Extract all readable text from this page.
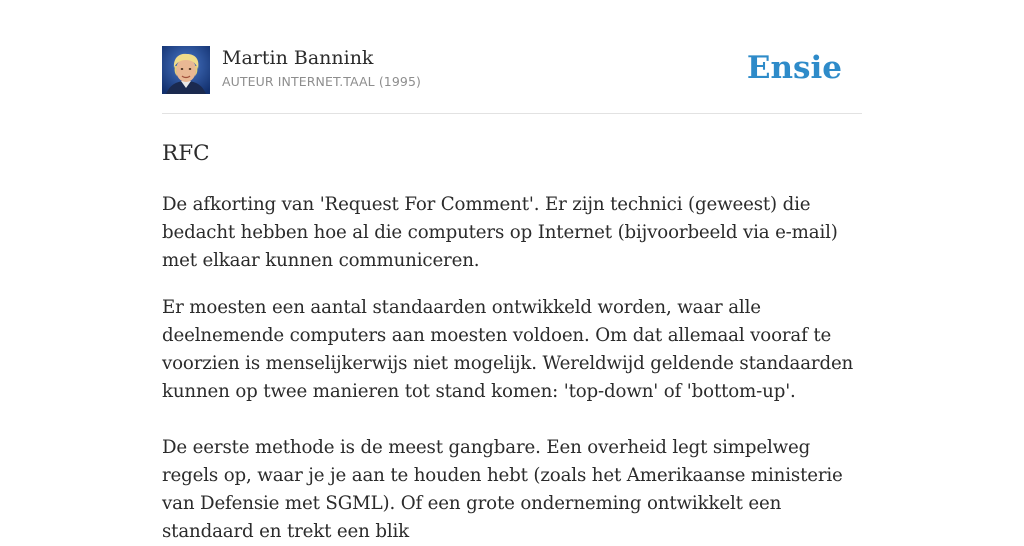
Martin Bannink
AUTEUR INTERNET.TAAL (1995)	Ensie
RFC

De afkorting van 'Request For Comment'. Er zijn technici (geweest) die bedacht hebben hoe al die computers op Internet (bijvoorbeeld via e-mail) met elkaar kunnen communiceren.

Er moesten een aantal standaarden ontwikkeld worden, waar alle deelnemende computers aan moesten voldoen. Om dat allemaal vooraf te voorzien is menselijkerwijs niet mogelijk. Wereldwijd geldende standaarden kunnen op twee manieren tot stand komen: 'top-down' of 'bottom-up'.

De eerste methode is de meest gangbare. Een overheid legt simpelweg regels op, waar je je aan te houden hebt (zoals het Amerikaanse ministerie van Defensie met SGML). Of een grote onderneming ontwikkelt een standaard en trekt een blik
